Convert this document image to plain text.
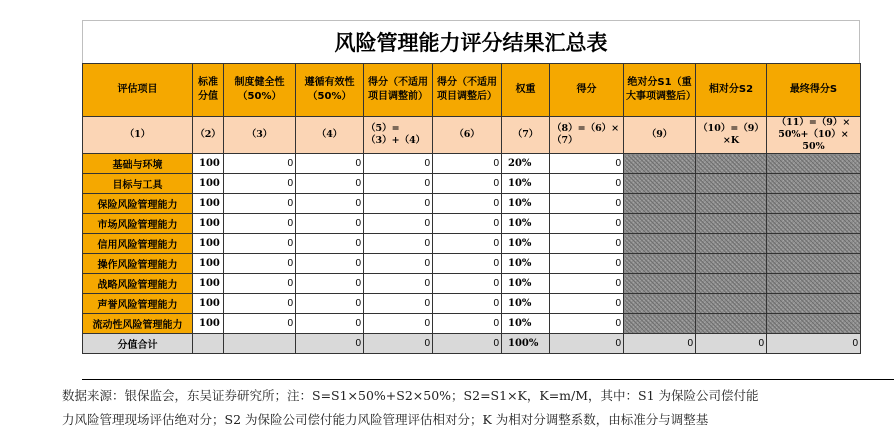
风险管理能力评分结果汇总表
评估项目	标准分值	制度健全性（50%）	遵循有效性（50%）	得分（不适用项目调整前）	得分（不适用项目调整后）	权重	得分	绝对分S1（重大事项调整后）	相对分S2	最终得分S
（1）	（2）	（3）	（4）	（5）=（3）+（4）	（6）	（7）	（8）=（6）×（7）	（9）	（10）=（9）×K	（11）=（9）× 50%+（10）× 50%
基础与环境	100	0	0	0	0	20%	0			
目标与工具	100	0	0	0	0	10%	0			
保险风险管理能力	100	0	0	0	0	10%	0			
市场风险管理能力	100	0	0	0	0	10%	0			
信用风险管理能力	100	0	0	0	0	10%	0			
操作风险管理能力	100	0	0	0	0	10%	0			
战略风险管理能力	100	0	0	0	0	10%	0			
声誉风险管理能力	100	0	0	0	0	10%	0			
流动性风险管理能力	100	0	0	0	0	10%	0			
分值合计			0	0	0	100%	0	0	0	0
数据来源：银保监会，东吴证券研究所；注：S=S1×50%+S2×50%；S2=S1×K，K=m/M，其中：S1 为保险公司偿付能
力风险管理现场评估绝对分；S2 为保险公司偿付能力风险管理评估相对分；K 为相对分调整系数，由标准分与调整基
